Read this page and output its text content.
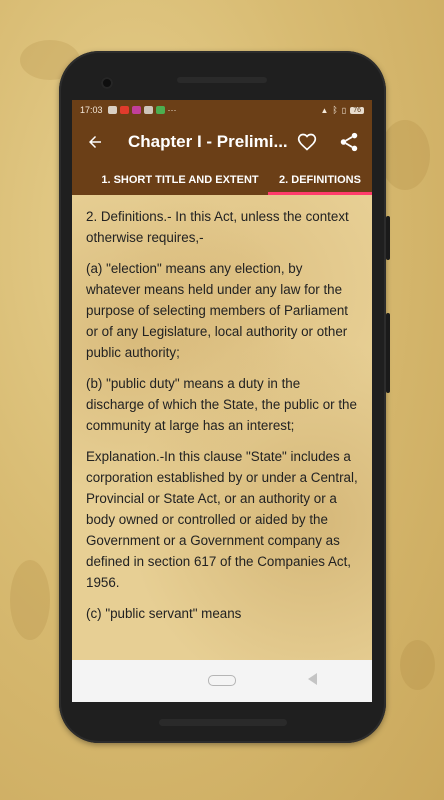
17:03	···	▲ ᛒ ▯	76
Chapter I - Prelimi...
1. SHORT TITLE AND EXTENT	2. DEFINITIONS

2. Definitions.- In this Act, unless the context otherwise requires,-

(a) "election" means any election, by whatever means held under any law for the purpose of selecting members of Parliament or of any Legislature, local authority or other public authority;

(b) "public duty" means a duty in the discharge of which the State, the public or the community at large has an interest;

Explanation.-In this clause "State" includes a corporation established by or under a Central, Provincial or State Act, or an authority or a body owned or controlled or aided by the Government or a Government company as defined in section 617 of the Companies Act, 1956.

(c) "public servant" means
